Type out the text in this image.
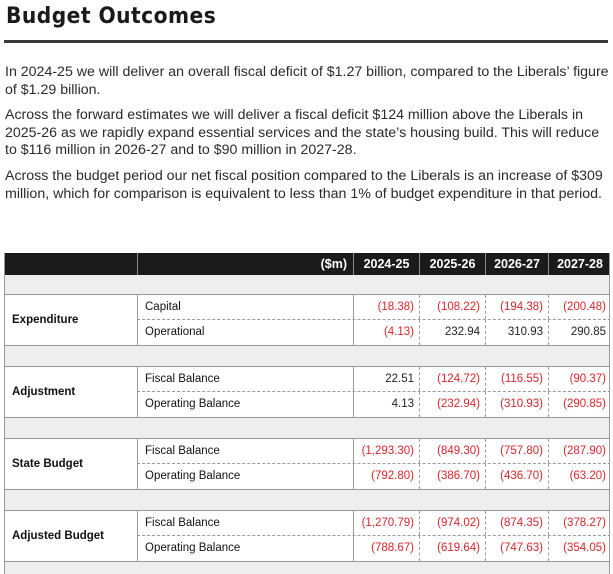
Budget Outcomes

In 2024-25 we will deliver an overall fiscal deficit of $1.27 billion, compared to the Liberals’ figure of $1.29 billion.

Across the forward estimates we will deliver a fiscal deficit $124 million above the Liberals in 2025-26 as we rapidly expand essential services and the state’s housing build. This will reduce to $116 million in 2026-27 and to $90 million in 2027-28.

Across the budget period our net fiscal position compared to the Liberals is an increase of $309 million, which for comparison is equivalent to less than 1% of budget expenditure in that period.

($m)	2024-25	2025-26	2026-27	2027-28
Expenditure
Capital	(18.38)	(108.22)	(194.38)	(200.48)
Operational	(4.13)	232.94	310.93	290.85
Adjustment
Fiscal Balance	22.51	(124.72)	(116.55)	(90.37)
Operating Balance	4.13	(232.94)	(310.93)	(290.85)
State Budget
Fiscal Balance	(1,293.30)	(849.30)	(757.80)	(287.90)
Operating Balance	(792.80)	(386.70)	(436.70)	(63.20)
Adjusted Budget
Fiscal Balance	(1,270.79)	(974.02)	(874.35)	(378.27)
Operating Balance	(788.67)	(619.64)	(747.63)	(354.05)
